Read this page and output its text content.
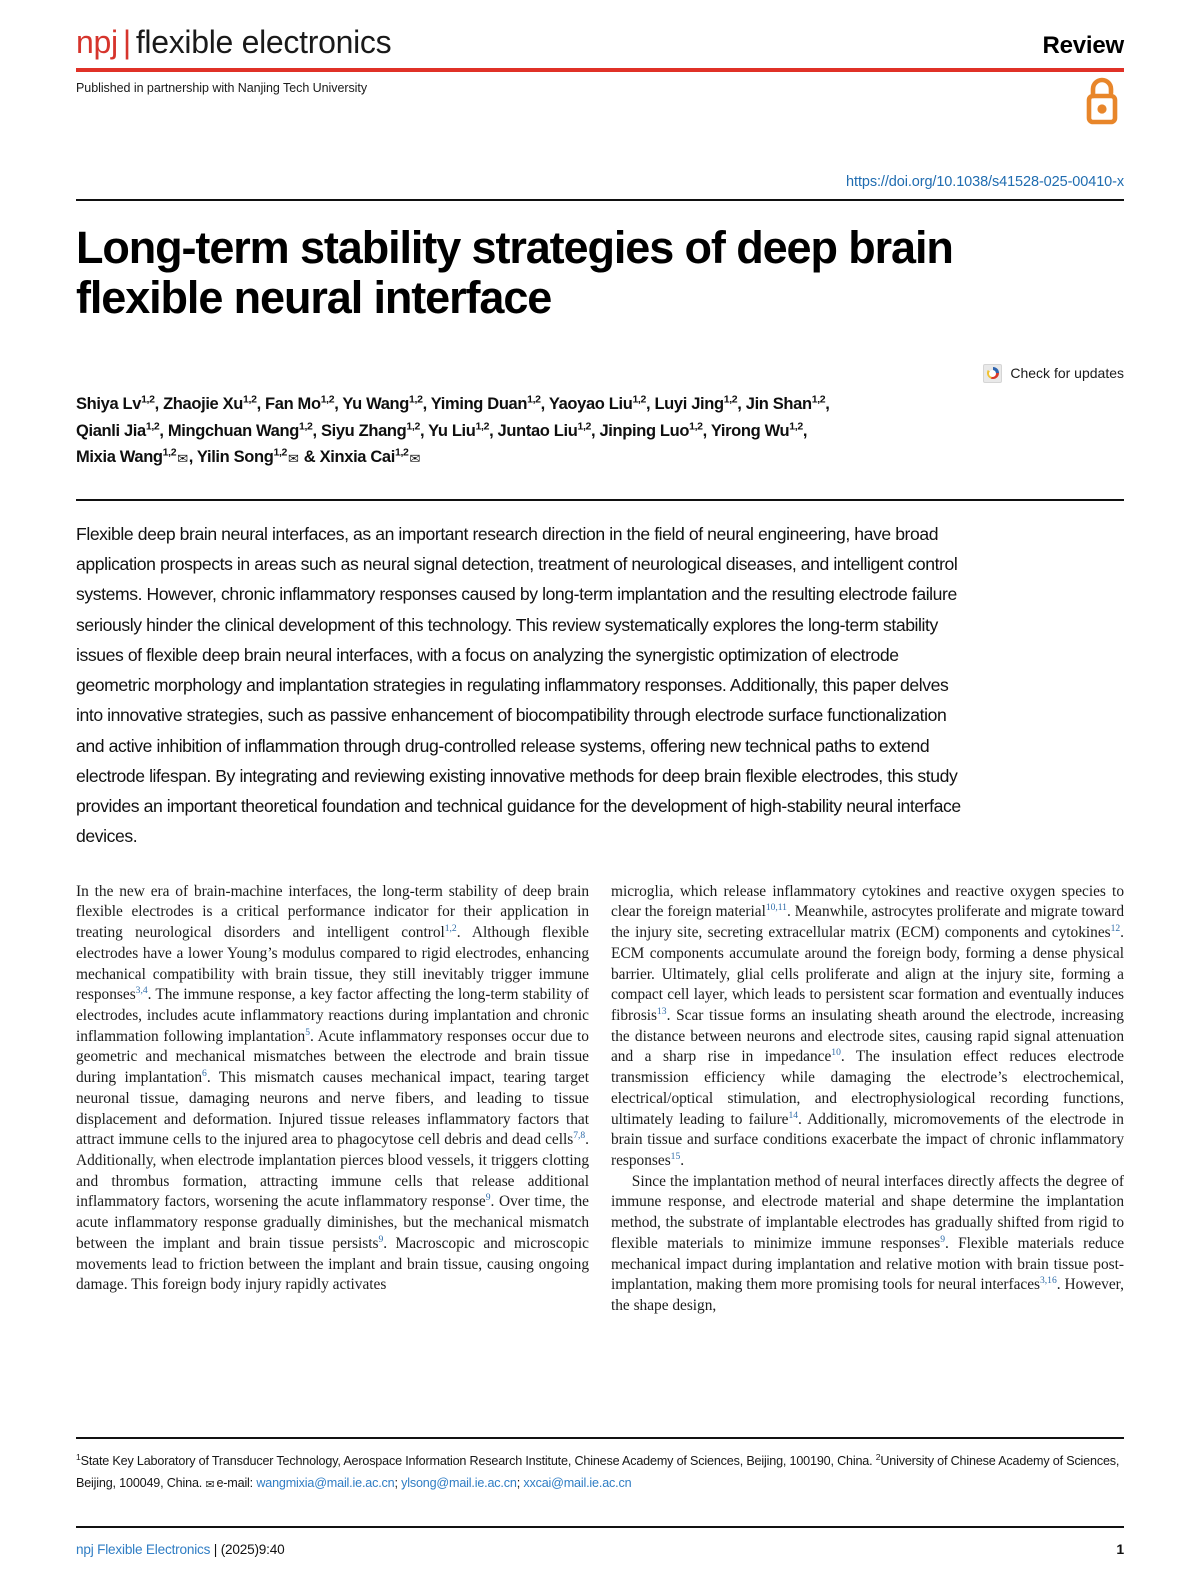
npj | flexible electronics	Review
Published in partnership with Nanjing Tech University
https://doi.org/10.1038/s41528-025-00410-x
Long-term stability strategies of deep brain flexible neural interface
Check for updates
Shiya Lv$^{1,2}$, Zhaojie Xu$^{1,2}$, Fan Mo$^{1,2}$, Yu Wang$^{1,2}$, Yiming Duan$^{1,2}$, Yaoyao Liu$^{1,2}$, Luyi Jing$^{1,2}$, Jin Shan$^{1,2}$,
Qianli Jia$^{1,2}$, Mingchuan Wang$^{1,2}$, Siyu Zhang$^{1,2}$, Yu Liu$^{1,2}$, Juntao Liu$^{1,2}$, Jinping Luo$^{1,2}$, Yirong Wu$^{1,2}$,
Mixia Wang$^{1,2}$✉, Yilin Song$^{1,2}$✉ & Xinxia Cai$^{1,2}$✉
Flexible deep brain neural interfaces, as an important research direction in the field of neural engineering, have broad application prospects in areas such as neural signal detection, treatment of neurological diseases, and intelligent control systems. However, chronic inflammatory responses caused by long-term implantation and the resulting electrode failure seriously hinder the clinical development of this technology. This review systematically explores the long-term stability issues of flexible deep brain neural interfaces, with a focus on analyzing the synergistic optimization of electrode geometric morphology and implantation strategies in regulating inflammatory responses. Additionally, this paper delves into innovative strategies, such as passive enhancement of biocompatibility through electrode surface functionalization and active inhibition of inflammation through drug-controlled release systems, offering new technical paths to extend electrode lifespan. By integrating and reviewing existing innovative methods for deep brain flexible electrodes, this study provides an important theoretical foundation and technical guidance for the development of high-stability neural interface devices.

In the new era of brain-machine interfaces, the long-term stability of deep brain flexible electrodes is a critical performance indicator for their application in treating neurological disorders and intelligent control$^{1,2}$. Although flexible electrodes have a lower Young’s modulus compared to rigid electrodes, enhancing mechanical compatibility with brain tissue, they still inevitably trigger immune responses$^{3,4}$. The immune response, a key factor affecting the long-term stability of electrodes, includes acute inflammatory reactions during implantation and chronic inflammation following implantation$^5$. Acute inflammatory responses occur due to geometric and mechanical mismatches between the electrode and brain tissue during implantation$^6$. This mismatch causes mechanical impact, tearing target neuronal tissue, damaging neurons and nerve fibers, and leading to tissue displacement and deformation. Injured tissue releases inflammatory factors that attract immune cells to the injured area to phagocytose cell debris and dead cells$^{7,8}$. Additionally, when electrode implantation pierces blood vessels, it triggers clotting and thrombus formation, attracting immune cells that release additional inflammatory factors, worsening the acute inflammatory response$^9$. Over time, the acute inflammatory response gradually diminishes, but the mechanical mismatch between the implant and brain tissue persists$^9$. Macroscopic and microscopic movements lead to friction between the implant and brain tissue, causing ongoing damage. This foreign body injury rapidly activates

microglia, which release inflammatory cytokines and reactive oxygen species to clear the foreign material$^{10,11}$. Meanwhile, astrocytes proliferate and migrate toward the injury site, secreting extracellular matrix (ECM) components and cytokines$^{12}$. ECM components accumulate around the foreign body, forming a dense physical barrier. Ultimately, glial cells proliferate and align at the injury site, forming a compact cell layer, which leads to persistent scar formation and eventually induces fibrosis$^{13}$. Scar tissue forms an insulating sheath around the electrode, increasing the distance between neurons and electrode sites, causing rapid signal attenuation and a sharp rise in impedance$^{10}$. The insulation effect reduces electrode transmission efficiency while damaging the electrode’s electrochemical, electrical/optical stimulation, and electrophysiological recording functions, ultimately leading to failure$^{14}$. Additionally, micromovements of the electrode in brain tissue and surface conditions exacerbate the impact of chronic inflammatory responses$^{15}$.

Since the implantation method of neural interfaces directly affects the degree of immune response, and electrode material and shape determine the implantation method, the substrate of implantable electrodes has gradually shifted from rigid to flexible materials to minimize immune responses$^9$. Flexible materials reduce mechanical impact during implantation and relative motion with brain tissue post-implantation, making them more promising tools for neural interfaces$^{3,16}$. However, the shape design,

$^1$State Key Laboratory of Transducer Technology, Aerospace Information Research Institute, Chinese Academy of Sciences, Beijing, 100190, China. $^2$University of Chinese Academy of Sciences, Beijing, 100049, China. ✉ e-mail: wangmixia@mail.ie.ac.cn; ylsong@mail.ie.ac.cn; xxcai@mail.ie.ac.cn
npj Flexible Electronics | (2025)9:40	1
